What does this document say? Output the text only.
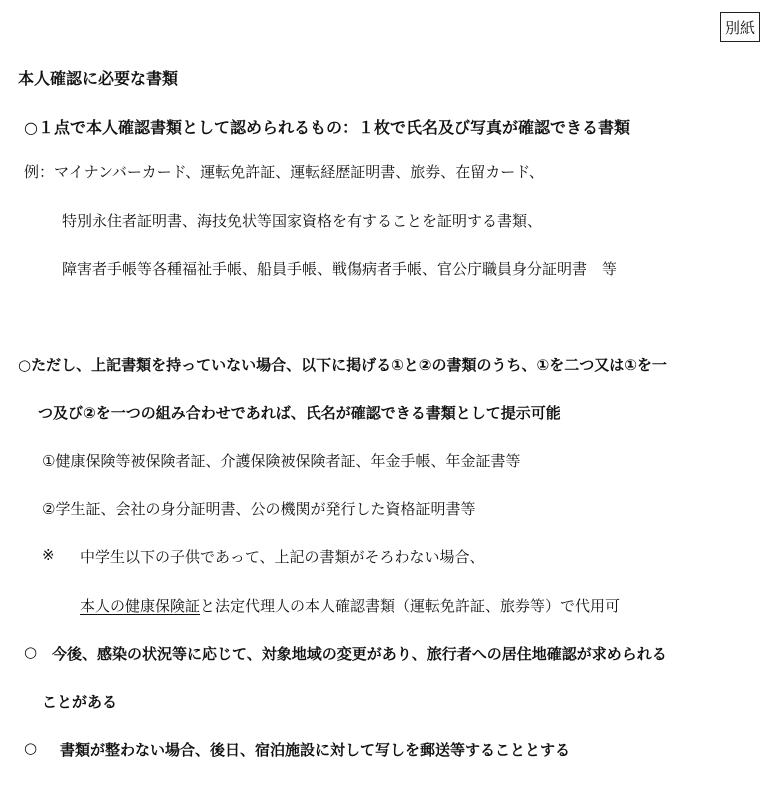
別紙
本人確認に必要な書類
○１点で本人確認書類として認められるもの：１枚で氏名及び写真が確認できる書類
例：マイナンバーカード、運転免許証、運転経歴証明書、旅券、在留カード、
特別永住者証明書、海技免状等国家資格を有することを証明する書類、
障害者手帳等各種福祉手帳、船員手帳、戦傷病者手帳、官公庁職員身分証明書　等
○ただし、上記書類を持っていない場合、以下に掲げる①と②の書類のうち、①を二つ又は①を一
つ及び②を一つの組み合わせであれば、氏名が確認できる書類として提示可能
①健康保険等被保険者証、介護保険被保険者証、年金手帳、年金証書等
②学生証、会社の身分証明書、公の機関が発行した資格証明書等
※ 中学生以下の子供であって、上記の書類がそろわない場合、
本人の健康保険証と法定代理人の本人確認書類（運転免許証、旅券等）で代用可
○ 今後、感染の状況等に応じて、対象地域の変更があり、旅行者への居住地確認が求められる
ことがある
○ 書類が整わない場合、後日、宿泊施設に対して写しを郵送等することとする
